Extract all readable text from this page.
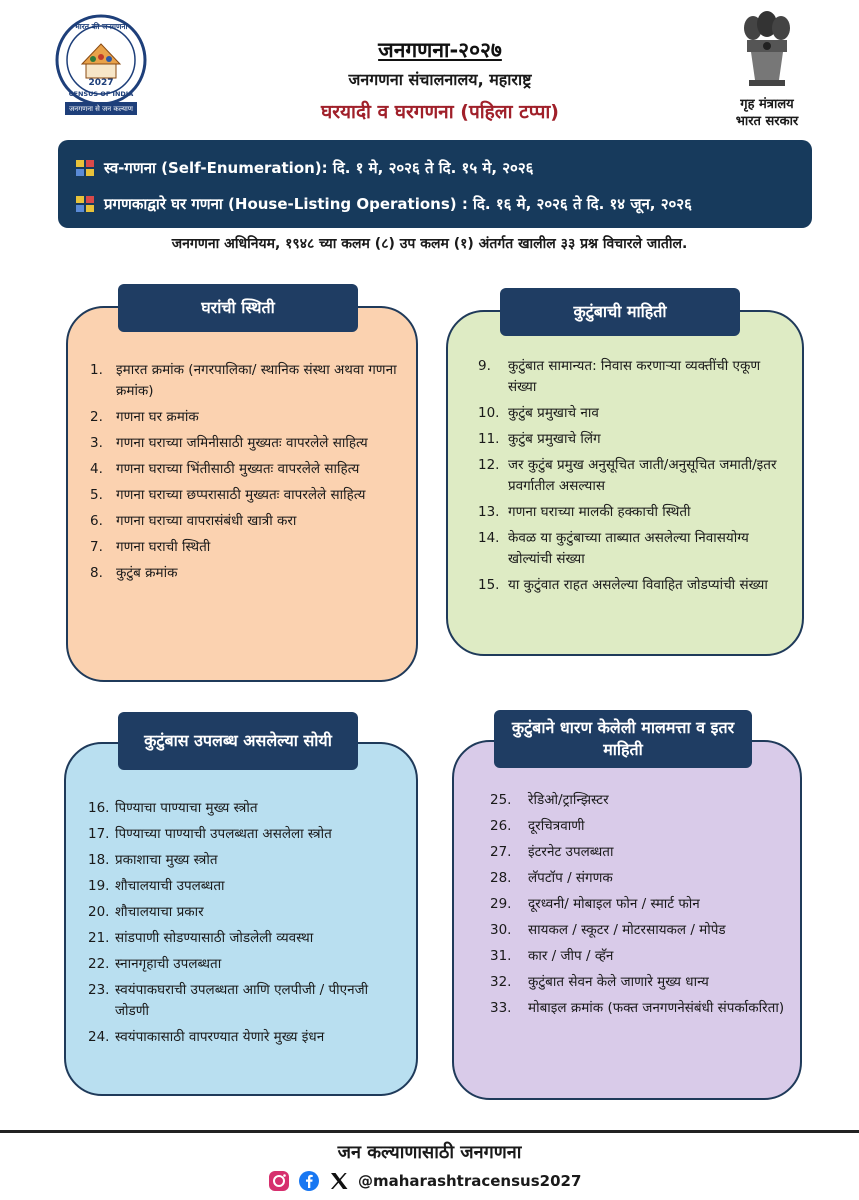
भारत की जनगणना
2027
CENSUS OF INDIA
जनगणना से जन कल्याण
जनगणना-२०२७
जनगणना संचालनालय, महाराष्ट्र
घरयादी व घरगणना (पहिला टप्पा)	गृह मंत्रालय
भारत सरकार
स्व-गणना (Self-Enumeration): दि. १ मे, २०२६ ते दि. १५ मे, २०२६
प्रगणकाद्वारे घर गणना (House-Listing Operations) : दि. १६ मे, २०२६ ते दि. १४ जून, २०२६
जनगणना अधिनियम, १९४८ च्या कलम (८) उप कलम (१) अंतर्गत खालील ३३ प्रश्न विचारले जातील.
घरांची स्थिती
1. इमारत क्रमांक (नगरपालिका/ स्थानिक संस्था अथवा गणना क्रमांक)
2. गणना घर क्रमांक
3. गणना घराच्या जमिनीसाठी मुख्यतः वापरलेले साहित्य
4. गणना घराच्या भिंतीसाठी मुख्यतः वापरलेले साहित्य
5. गणना घराच्या छप्परासाठी मुख्यतः वापरलेले साहित्य
6. गणना घराच्या वापरासंबंधी खात्री करा
7. गणना घराची स्थिती
8. कुटुंब क्रमांक
कुटुंबाची माहिती
9.	कुटुंबात सामान्यत: निवास करणाऱ्या व्यक्तींची एकूण संख्या
10. कुटुंब प्रमुखाचे नाव
11. कुटुंब प्रमुखाचे लिंग
12. जर कुटुंब प्रमुख अनुसूचित जाती/अनुसूचित जमाती/इतर प्रवर्गातील असल्यास
13. गणना घराच्या मालकी हक्काची स्थिती
14. केवळ या कुटुंबाच्या ताब्यात असलेल्या निवासयोग्य खोल्यांची संख्या
15. या कुटुंवात राहत असलेल्या विवाहित जोडप्यांची संख्या
कुटुंबास उपलब्ध असलेल्या सोयी
16. पिण्याचा पाण्याचा मुख्य स्त्रोत
17. पिण्याच्या पाण्याची उपलब्धता असलेला स्त्रोत
18. प्रकाशाचा मुख्य स्त्रोत
19. शौचालयाची उपलब्धता
20. शौचालयाचा प्रकार
21. सांडपाणी सोडण्यासाठी जोडलेली व्यवस्था
22. स्नानगृहाची उपलब्धता
23. स्वयंपाकघराची उपलब्धता आणि एलपीजी / पीएनजी जोडणी
24. स्वयंपाकासाठी वापरण्यात येणारे मुख्य इंधन
कुटुंबाने धारण केलेली मालमत्ता व इतर माहिती
25.	रेडिओ/ट्रान्झिस्टर
26.	दूरचित्रवाणी
27.	इंटरनेट उपलब्धता
28.	लॅपटॉप / संगणक
29.	दूरध्वनी/ मोबाइल फोन / स्मार्ट फोन
30.	सायकल / स्कूटर / मोटरसायकल / मोपेड
31.	कार / जीप / व्हॅन
32.	कुटुंबात सेवन केले जाणारे मुख्य धान्य
33.	मोबाइल क्रमांक (फक्त जनगणनेसंबंधी संपर्काकरिता)
जन कल्याणासाठी जनगणना
@maharashtracensus2027
